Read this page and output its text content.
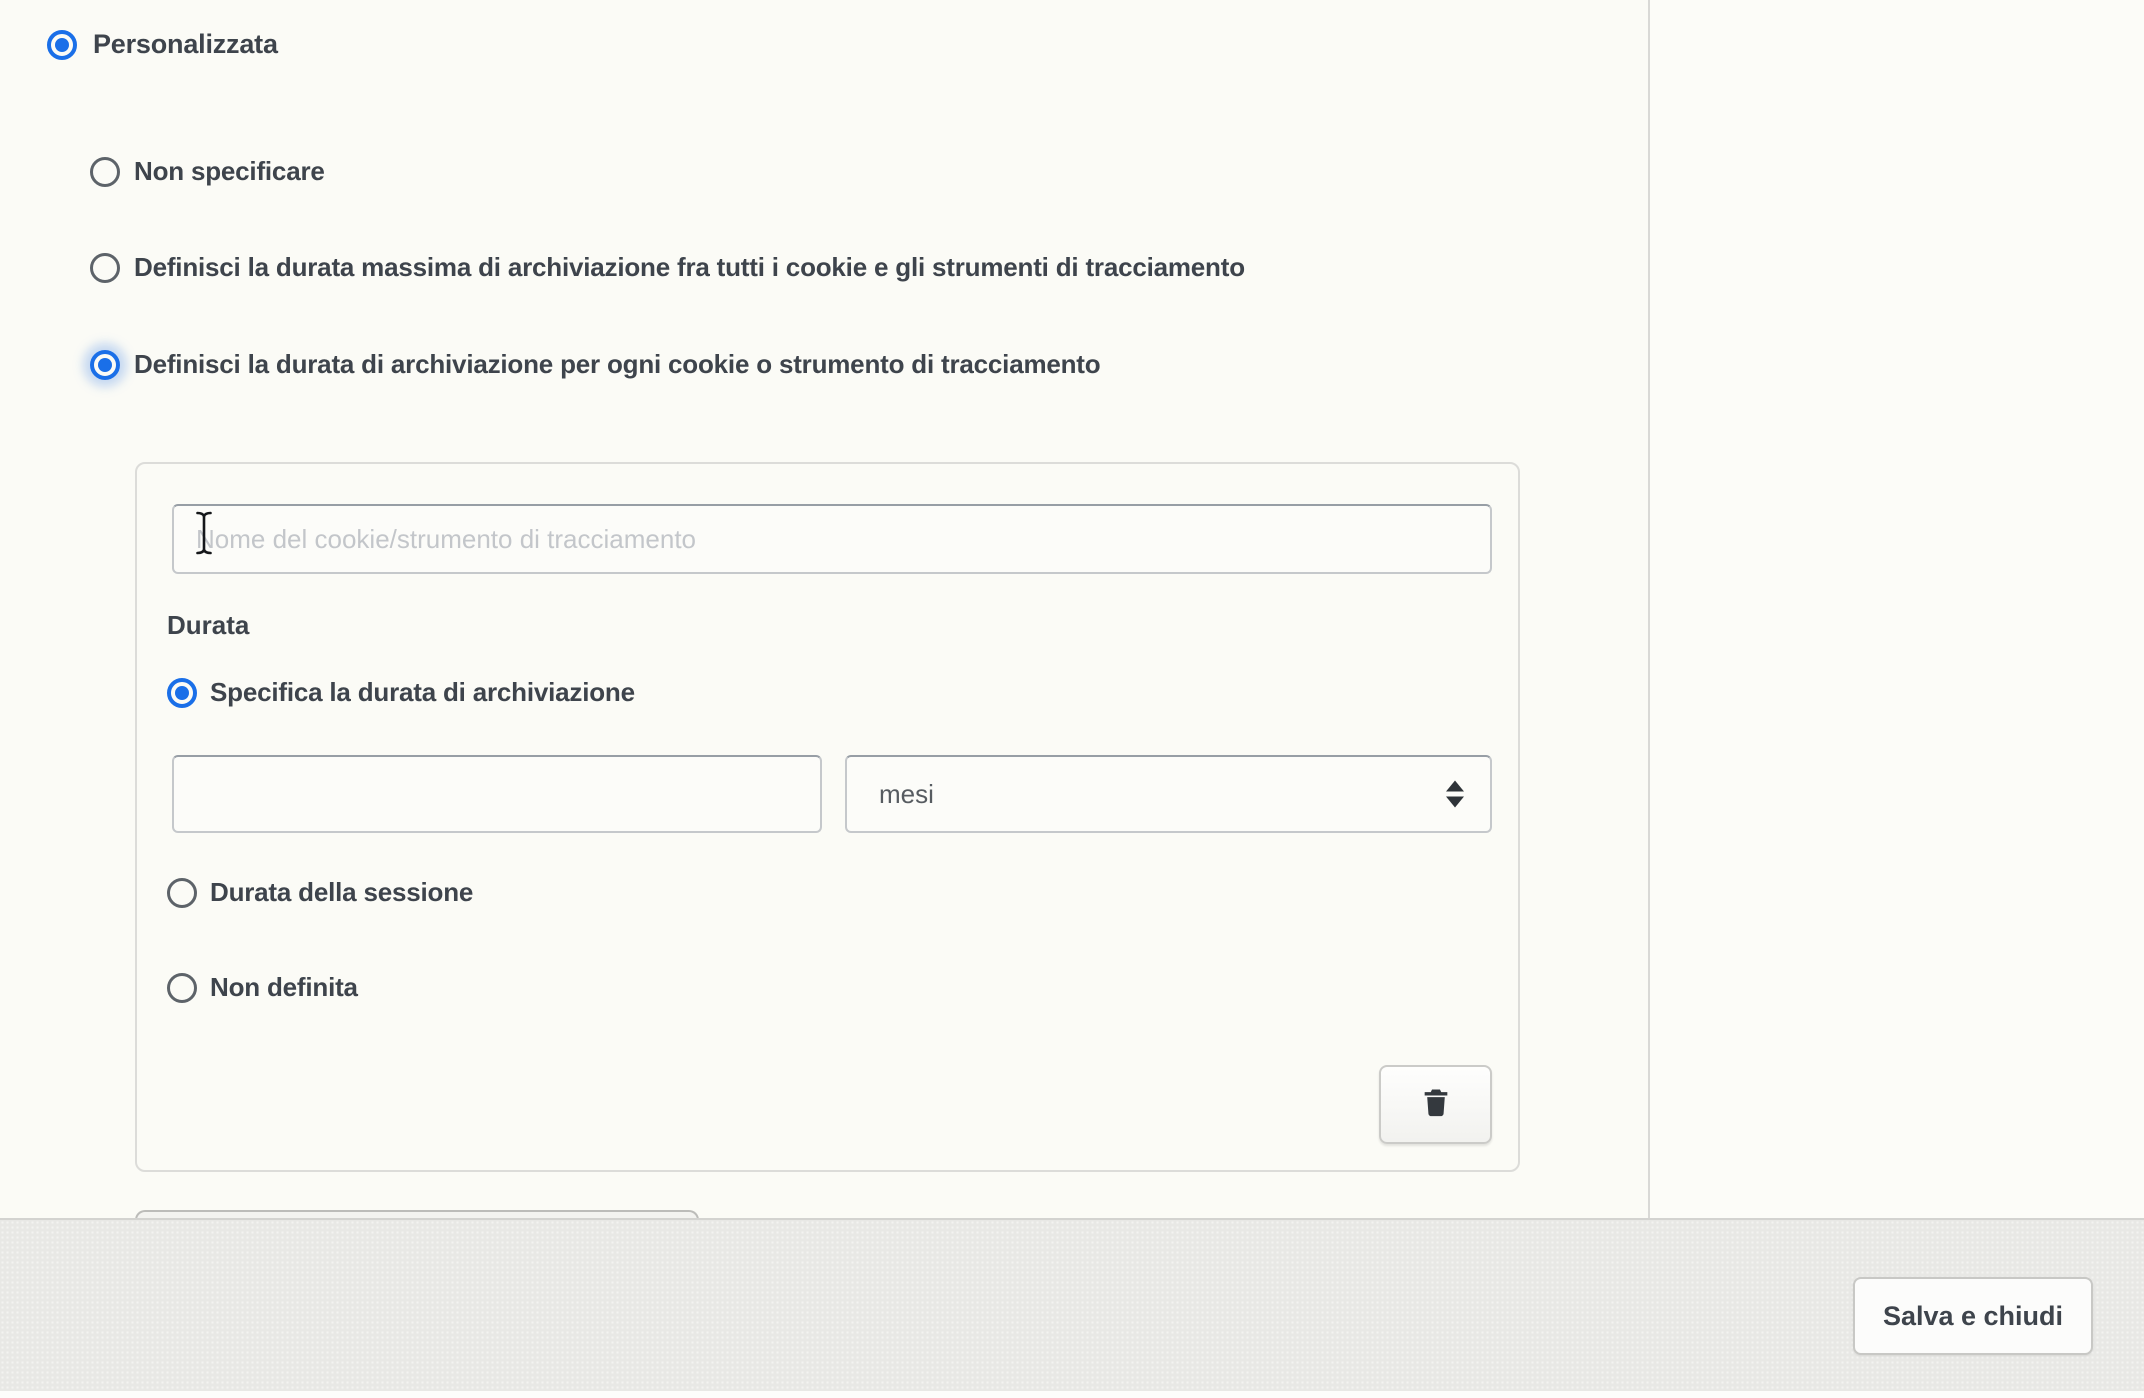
Personalizzata
Non specificare
Definisci la durata massima di archiviazione fra tutti i cookie e gli strumenti di tracciamento
Definisci la durata di archiviazione per ogni cookie o strumento di tracciamento
Nome del cookie/strumento di tracciamento
Durata
Specifica la durata di archiviazione
mesi
Durata della sessione
Non definita
Salva e chiudi
